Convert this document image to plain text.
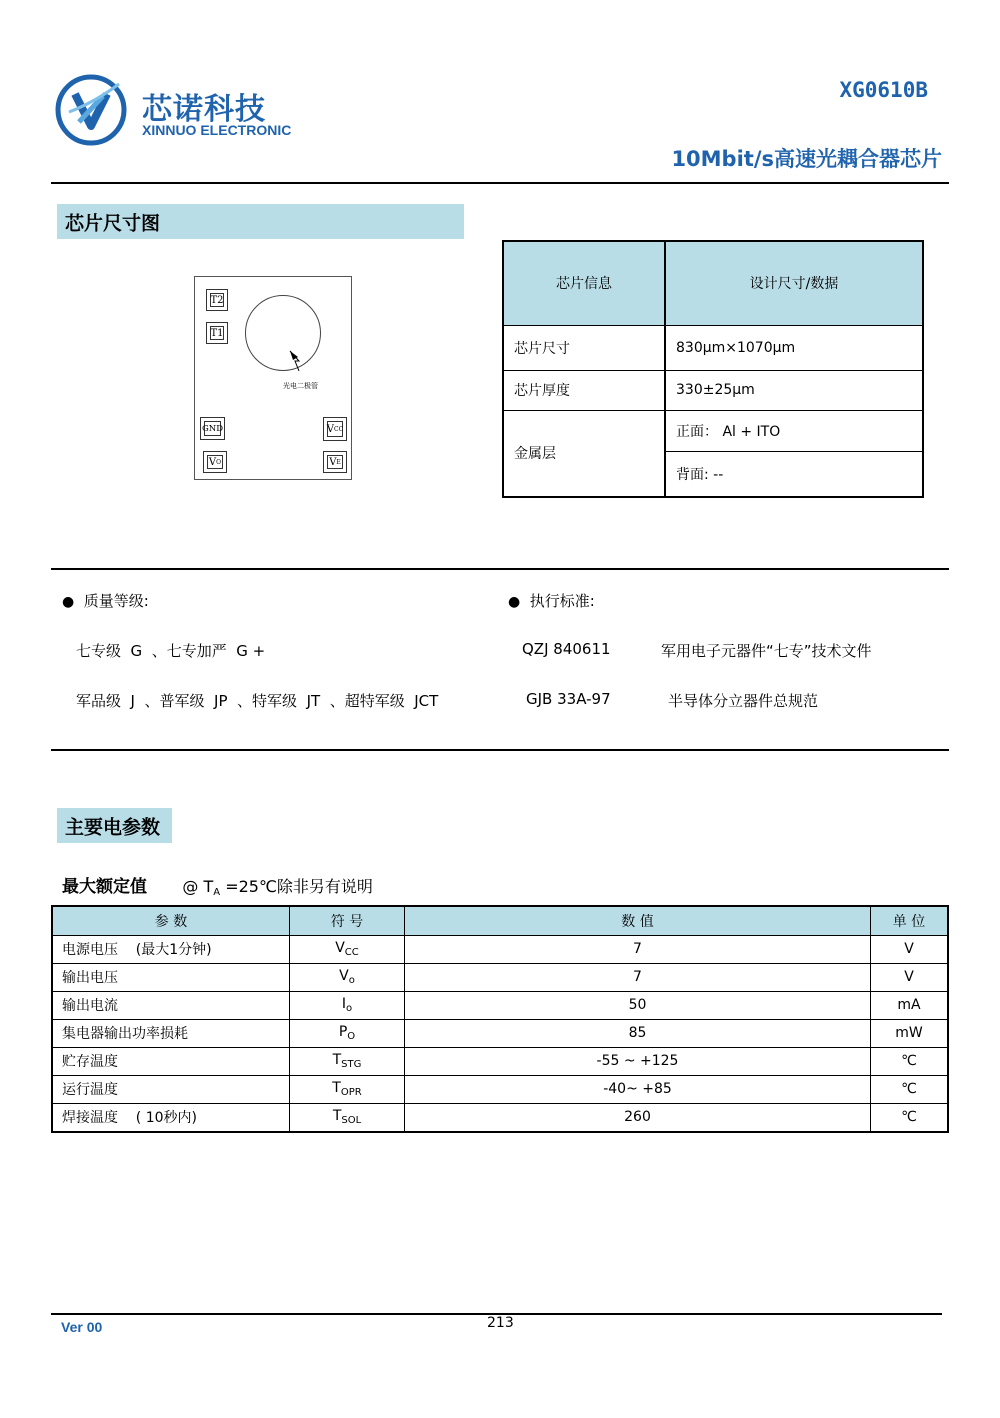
芯诺科技
XINNUO ELECTRONIC
XG0610B
10Mbit/s高速光耦合器芯片
芯片尺寸图
T2
T1
光电二极管
GND
V O
V CC
V E
芯片信息	设计尺寸/数据
芯片尺寸	830μm×1070μm
芯片厚度	330±25μm
金属层	正面： Al + ITO
	背面: --
● 质量等级:
七专级  G  、七专加严  G +
军品级  J  、普军级  JP  、特军级  JT  、超特军级  JCT
● 执行标准:
QZJ 840611	军用电子元器件“七专”技术文件
GJB 33A-97	半导体分立器件总规范
主要电参数
最大额定值 @ $T_A$ =25℃除非另有说明
参 数	符 号	数 值	单 位
电源电压    (最大1分钟)	$V_{CC}$	7	V
输出电压	$V_o$	7	V
输出电流	$I_o$	50	mA
集电器输出功率损耗	$P_O$	85	mW
贮存温度	$T_{STG}$	-55 ~ +125	℃
运行温度	$T_{OPR}$	-40~ +85	℃
焊接温度    ( 10秒内)	$T_{SOL}$	260	℃
Ver 00	213
